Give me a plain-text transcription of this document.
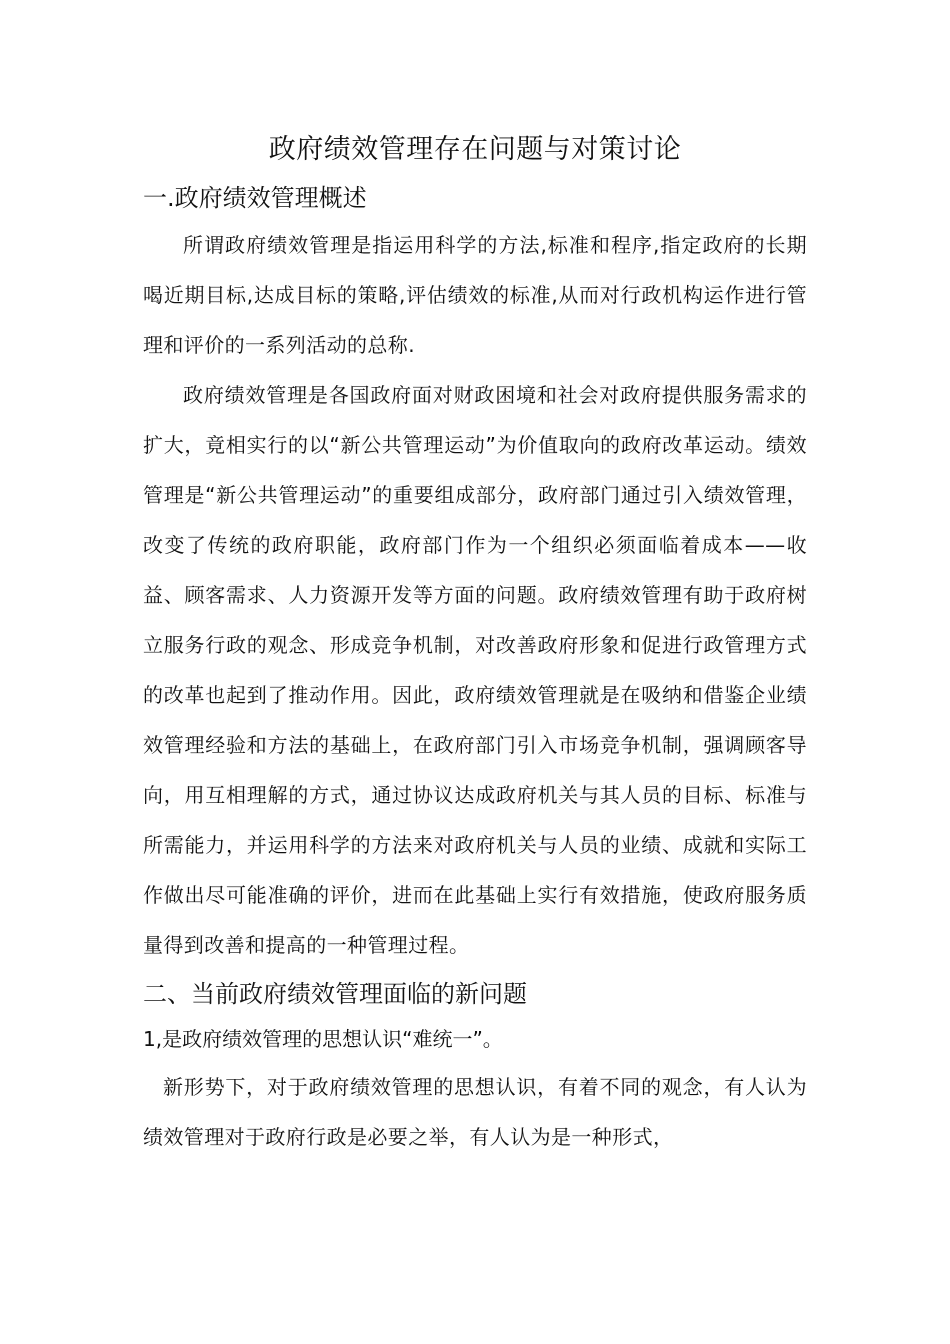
政府绩效管理存在问题与对策讨论
一.政府绩效管理概述

所谓政府绩效管理是指运用科学的方法,标准和程序,指定政府的长期喝近期目标,达成目标的策略,评估绩效的标准,从而对行政机构运作进行管理和评价的一系列活动的总称.

政府绩效管理是各国政府面对财政困境和社会对政府提供服务需求的扩大，竟相实行的以“新公共管理运动”为价值取向的政府改革运动。绩效管理是“新公共管理运动”的重要组成部分，政府部门通过引入绩效管理，改变了传统的政府职能，政府部门作为一个组织必须面临着成本——收益、顾客需求、人力资源开发等方面的问题。政府绩效管理有助于政府树立服务行政的观念、形成竞争机制，对改善政府形象和促进行政管理方式的改革也起到了推动作用。因此，政府绩效管理就是在吸纳和借鉴企业绩效管理经验和方法的基础上，在政府部门引入市场竞争机制，强调顾客导向，用互相理解的方式，通过协议达成政府机关与其人员的目标、标准与所需能力，并运用科学的方法来对政府机关与人员的业绩、成就和实际工作做出尽可能准确的评价，进而在此基础上实行有效措施，使政府服务质量得到改善和提高的一种管理过程。

二、当前政府绩效管理面临的新问题

1,是政府绩效管理的思想认识“难统一”。

新形势下，对于政府绩效管理的思想认识，有着不同的观念，有人认为绩效管理对于政府行政是必要之举，有人认为是一种形式，
